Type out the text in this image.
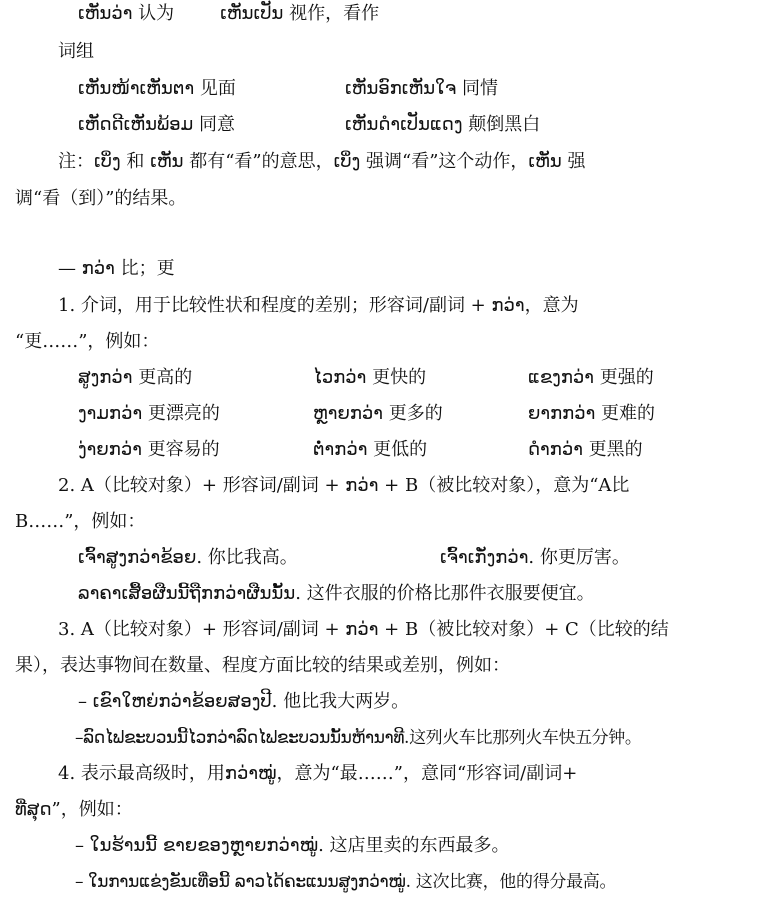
ເຫັນວ່າ 认为	ເຫັນເປັນ 视作，看作
词组
ເຫັນໜ້າເຫັນຕາ 见面	ເຫັນອົກເຫັນໃຈ 同情
ເຫັດດີເຫັນພ້ອມ 同意	ເຫັນດຳເປັນແດງ 颠倒黑白
注：ເບິ່ງ 和 ເຫັນ 都有“看”的意思，ເບິ່ງ 强调“看”这个动作，ເຫັນ 强
调“看（到）”的结果。
— ກວ່າ 比；更
1. 介词，用于比较性状和程度的差别；形容词/副词 + ກວ່າ，意为
“更……”，例如：
ສູງກວ່າ 更高的	ໄວກວ່າ 更快的	ແຂງກວ່າ 更强的
ງາມກວ່າ 更漂亮的	ຫຼາຍກວ່າ 更多的	ຍາກກວ່າ 更难的
ງ່າຍກວ່າ 更容易的	ຕ່ຳກວ່າ 更低的	ດຳກວ່າ 更黑的
2. A（比较对象）+ 形容词/副词 + ກວ່າ + B（被比较对象），意为“A比
B……”，例如：
ເຈົ້າສູງກວ່າຂ້ອຍ. 你比我高。	ເຈົ້າເກັ່ງກວ່າ. 你更厉害。
ລາຄາເສື້ອຜືນນີ້ຖືກກວ່າຜືນນັ້ນ. 这件衣服的价格比那件衣服要便宜。
3. A（比较对象）+ 形容词/副词 + ກວ່າ + B（被比较对象）+ C（比较的结
果），表达事物间在数量、程度方面比较的结果或差别，例如：
– ເຂົາໃຫຍ່ກວ່າຂ້ອຍສອງປີ. 他比我大两岁。
–ລົດໄຟຂະບວນນີ້ໄວກວ່າລົດໄຟຂະບວນນັ້ນຫ້ານາທີ.这列火车比那列火车快五分钟。
4. 表示最高级时，用ກວ່າໝູ່，意为“最……”，意同“形容词/副词+
ທີ່ສຸດ”，例如：
– ໃນຮ້ານນີ້ ຂາຍຂອງຫຼາຍກວ່າໝູ່. 这店里卖的东西最多。
– ໃນການແຂ່ງຂັນເທື່ອນີ້ ລາວໄດ້ຄະແນນສູງກວ່າໝູ່. 这次比赛，他的得分最高。
